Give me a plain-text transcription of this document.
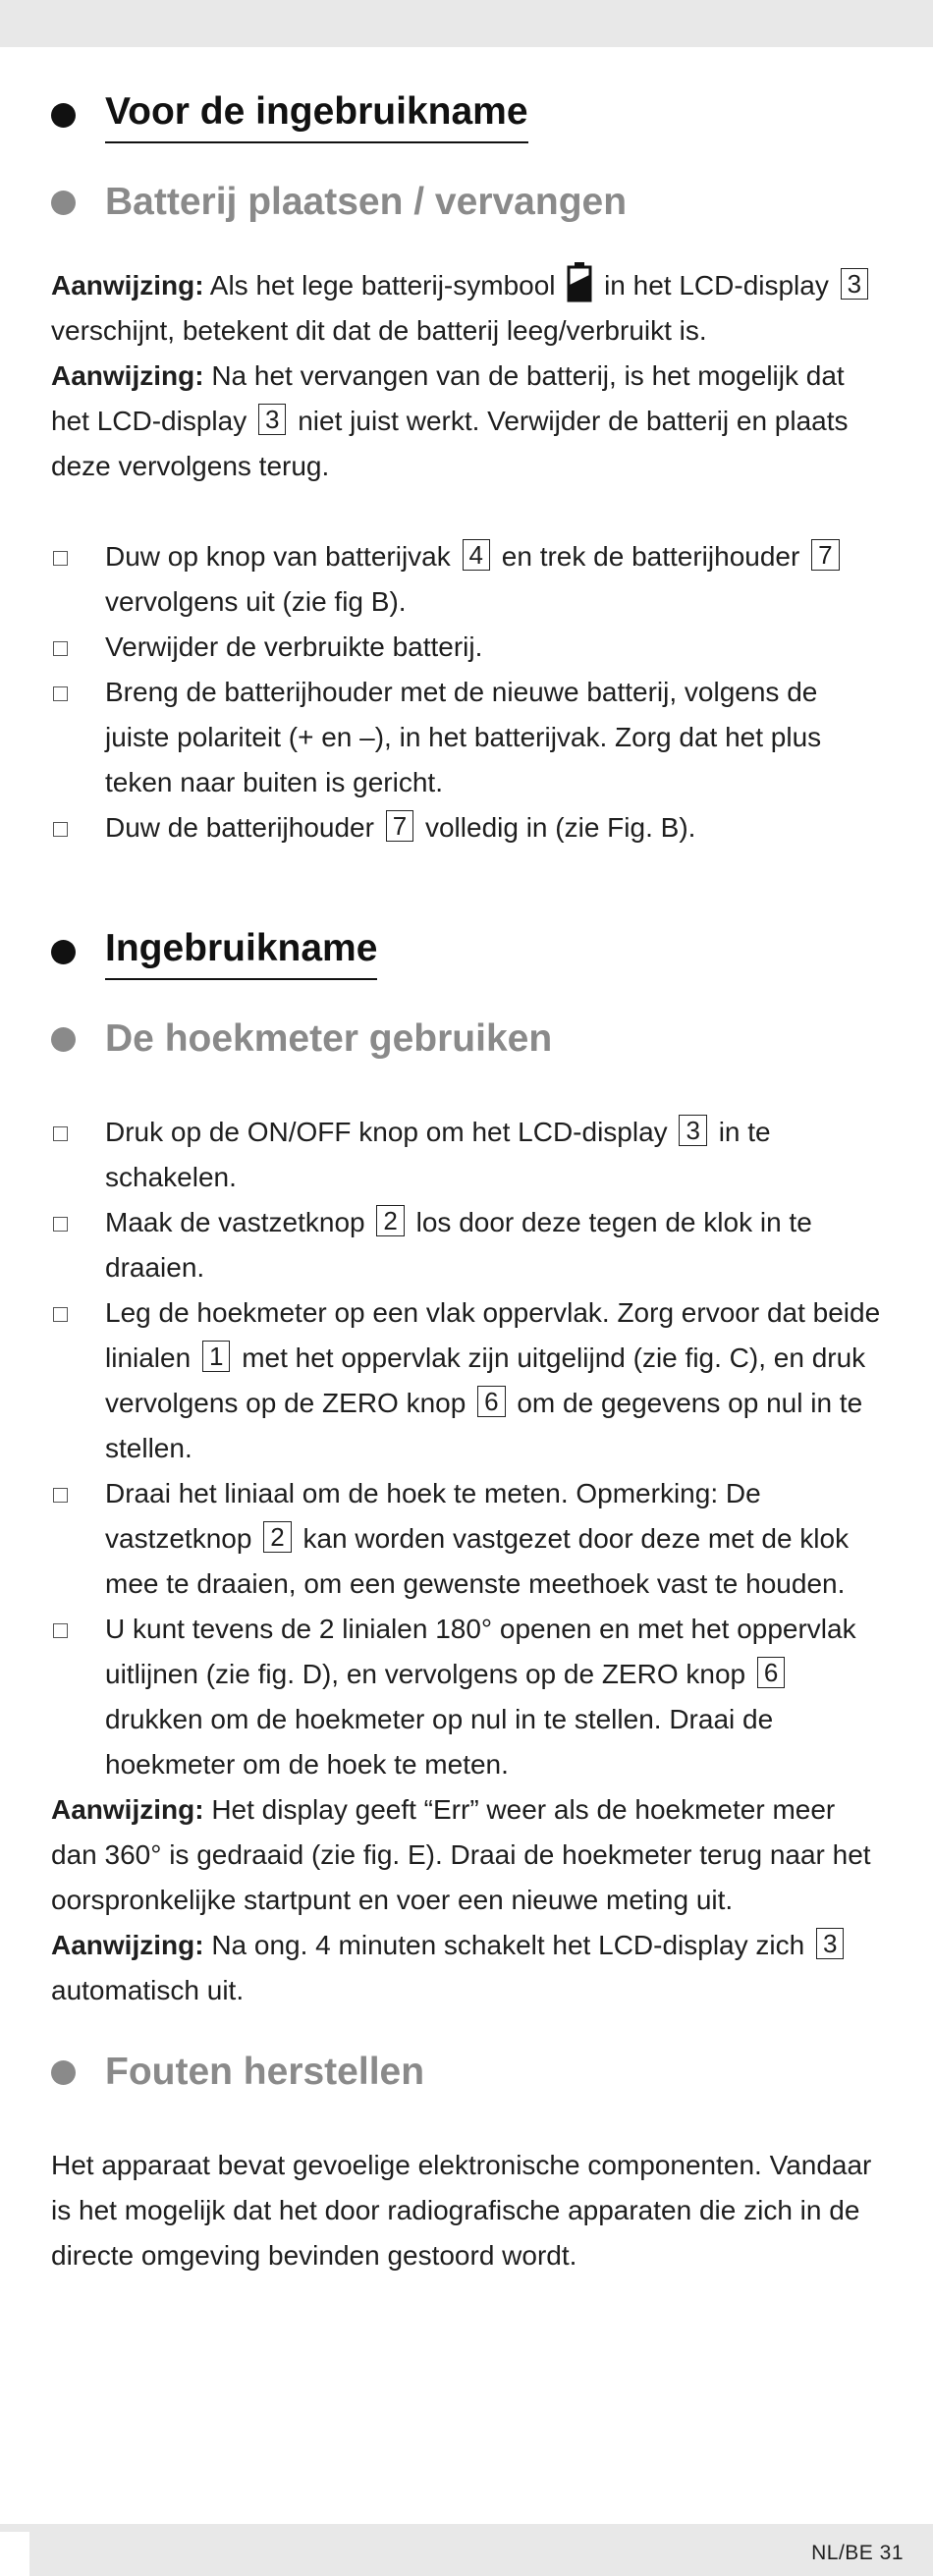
Voor de ingebruikname
Batterij plaatsen / vervangen

Aanwijzing: Als het lege batterij-symbool  in het LCD-display 3 verschijnt, betekent dit dat de batterij leeg/verbruikt is.

Aanwijzing: Na het vervangen van de batterij, is het mogelijk dat het LCD-display 3 niet juist werkt. Verwijder de batterij en plaats deze vervolgens terug.

Duw op knop van batterijvak 4 en trek de batterijhouder 7 vervolgens uit (zie fig B).
Verwijder de verbruikte batterij.
Breng de batterijhouder met de nieuwe batterij, volgens de juiste polariteit (+ en –), in het batterijvak. Zorg dat het plus teken naar buiten is gericht.
Duw de batterijhouder 7 volledig in (zie Fig. B).
Ingebruikname
De hoekmeter gebruiken
Druk op de ON/OFF knop om het LCD-display 3 in te schakelen.
Maak de vastzetknop 2 los door deze tegen de klok in te draaien.
Leg de hoekmeter op een vlak oppervlak. Zorg ervoor dat beide linialen 1 met het oppervlak zijn uitgelijnd (zie fig. C), en druk vervolgens op de ZERO knop 6 om de gegevens op nul in te stellen.
Draai het liniaal om de hoek te meten. Opmerking: De vastzetknop 2 kan worden vastgezet door deze met de klok mee te draaien, om een gewenste meethoek vast te houden.
U kunt tevens de 2 linialen 180° openen en met het oppervlak uitlijnen (zie fig. D), en vervolgens op de ZERO knop 6 drukken om de hoekmeter op nul in te stellen. Draai de hoekmeter om de hoek te meten.

Aanwijzing: Het display geeft “Err” weer als de hoekmeter meer dan 360° is gedraaid (zie fig. E). Draai de hoekmeter terug naar het oorspronkelijke startpunt en voer een nieuwe meting uit.

Aanwijzing: Na ong. 4 minuten schakelt het LCD-display zich 3 automatisch uit.

Fouten herstellen

Het apparaat bevat gevoelige elektronische componenten. Vandaar is het mogelijk dat het door radiografische apparaten die zich in de directe omgeving bevinden gestoord wordt.

NL/BE 31
